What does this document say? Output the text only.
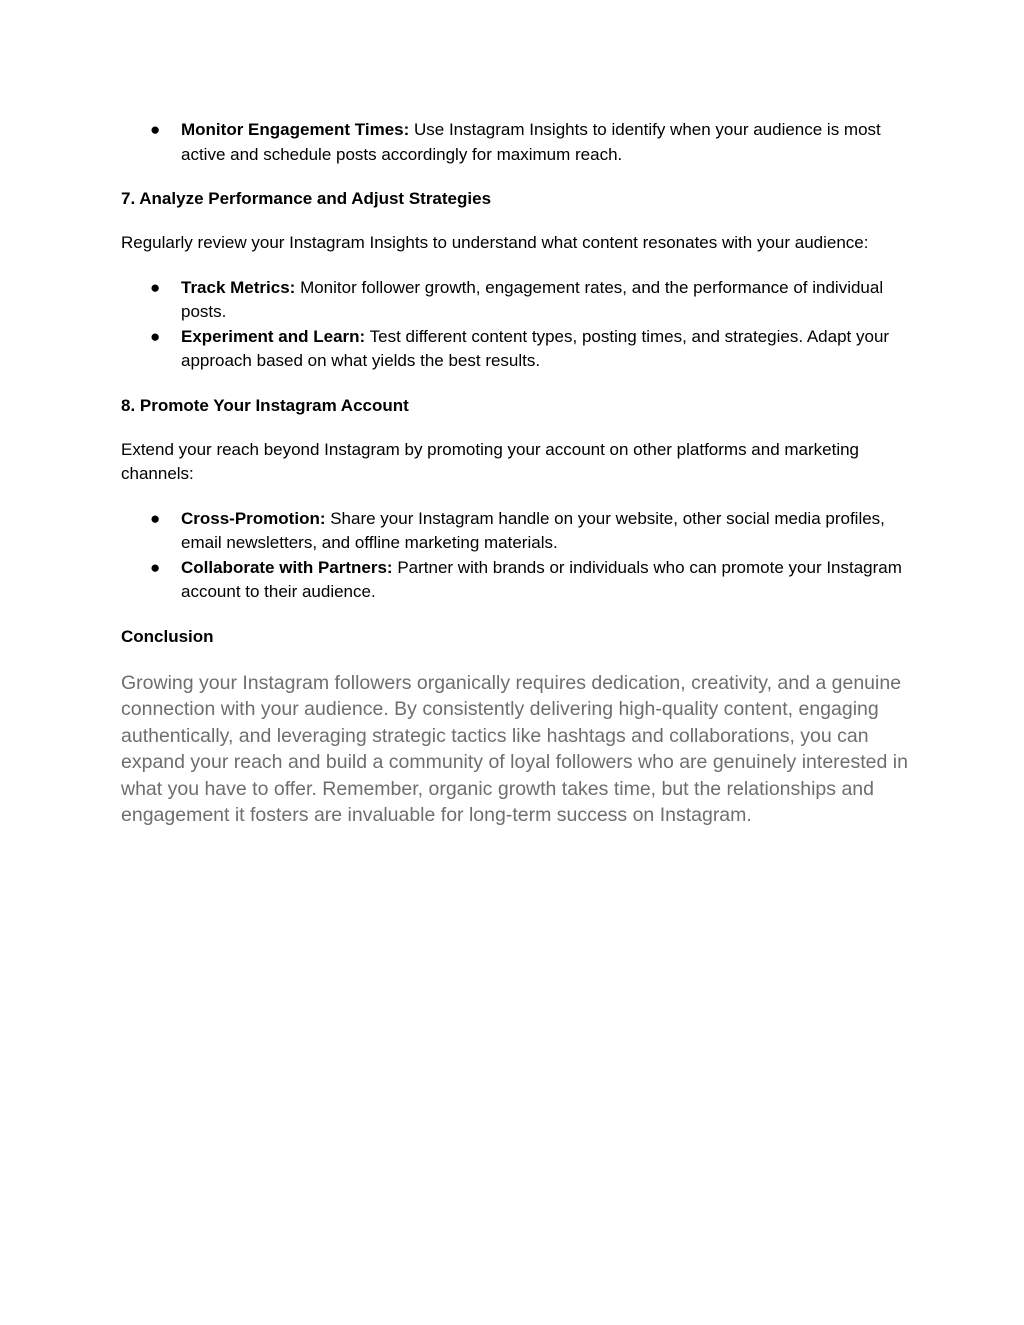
● Monitor Engagement Times: Use Instagram Insights to identify when your audience is most active and schedule posts accordingly for maximum reach.
7. Analyze Performance and Adjust Strategies

Regularly review your Instagram Insights to understand what content resonates with your audience:

● Track Metrics: Monitor follower growth, engagement rates, and the performance of individual posts.
● Experiment and Learn: Test different content types, posting times, and strategies. Adapt your approach based on what yields the best results.
8. Promote Your Instagram Account

Extend your reach beyond Instagram by promoting your account on other platforms and marketing channels:

● Cross-Promotion: Share your Instagram handle on your website, other social media profiles, email newsletters, and offline marketing materials.
● Collaborate with Partners: Partner with brands or individuals who can promote your Instagram account to their audience.
Conclusion

Growing your Instagram followers organically requires dedication, creativity, and a genuine connection with your audience. By consistently delivering high-quality content, engaging authentically, and leveraging strategic tactics like hashtags and collaborations, you can expand your reach and build a community of loyal followers who are genuinely interested in what you have to offer. Remember, organic growth takes time, but the relationships and engagement it fosters are invaluable for long-term success on Instagram.
